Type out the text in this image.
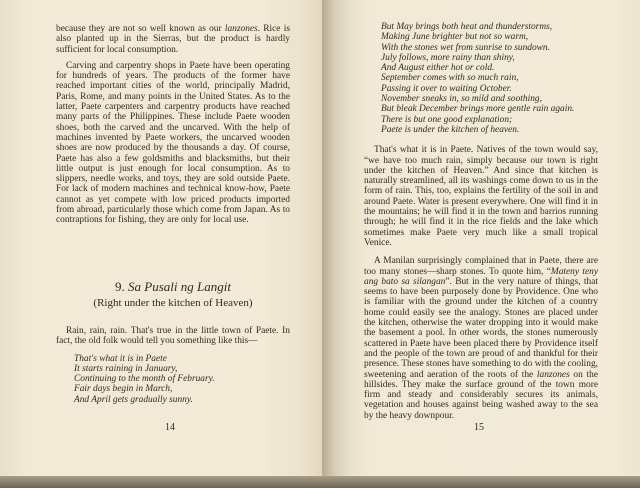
because they are not so well known as our lanzones. Rice is also planted up in the Sierras, but the product is hardly sufficient for local consumption.

Carving and carpentry shops in Paete have been operating for hundreds of years. The products of the former have reached important cities of the world, principally Madrid, Paris, Rome, and many points in the United States. As to the latter, Paete carpenters and carpentry products have reached many parts of the Philippines. These include Paete wooden shoes, both the carved and the uncarved. With the help of machines invented by Paete workers, the uncarved wooden shoes are now produced by the thousands a day. Of course, Paete has also a few goldsmiths and blacksmiths, but their little output is just enough for local consumption. As to slippers, needle works, and toys, they are sold outside Paete. For lack of modern machines and technical know-how, Paete cannot as yet compete with low priced products imported from abroad, particularly those which come from Japan. As to contraptions for fishing, they are only for local use.

9. Sa Pusali ng Langit

(Right under the kitchen of Heaven)

Rain, rain, rain. That's true in the little town of Paete. In fact, the old folk would tell you something like this—

That's what it is in Paete
It starts raining in January,
Continuing to the month of February.
Fair days begin in March,
And April gets gradually sunny.
14
But May brings both heat and thunderstorms,
Making June brighter but not so warm,
With the stones wet from sunrise to sundown.
July follows, more rainy than shiny,
And August either hot or cold.
September comes with so much rain,
Passing it over to waiting October.
November sneaks in, so mild and soothing,
But bleak December brings more gentle rain again.
There is but one good explanation;
Paete is under the kitchen of heaven.

That's what it is in Paete. Natives of the town would say, “we have too much rain, simply because our town is right under the kitchen of Heaven.” And since that kitchen is naturally streamlined, all its washings come down to us in the form of rain. This, too, explains the fertility of the soil in and around Paete. Water is present everywhere. One will find it in the mountains; he will find it in the town and barrios running through; he will find it in the rice fields and the lake which sometimes make Paete very much like a small tropical Venice.

A Manilan surprisingly complained that in Paete, there are too many stones—sharp stones. To quote him, “Mateny teny ang bato sa silangan”. But in the very nature of things, that seems to have been purposely done by Providence. One who is familiar with the ground under the kitchen of a country home could easily see the analogy. Stones are placed under the kitchen, otherwise the water dropping into it would make the basement a pool. In other words, the stones numerously scattered in Paete have been placed there by Providence itself and the people of the town are proud of and thankful for their presence. These stones have something to do with the cooling, sweetening and aeration of the roots of the lanzones on the hillsides. They make the surface ground of the town more firm and steady and considerably secures its animals, vegetation and houses against being washed away to the sea by the heavy downpour.

15
